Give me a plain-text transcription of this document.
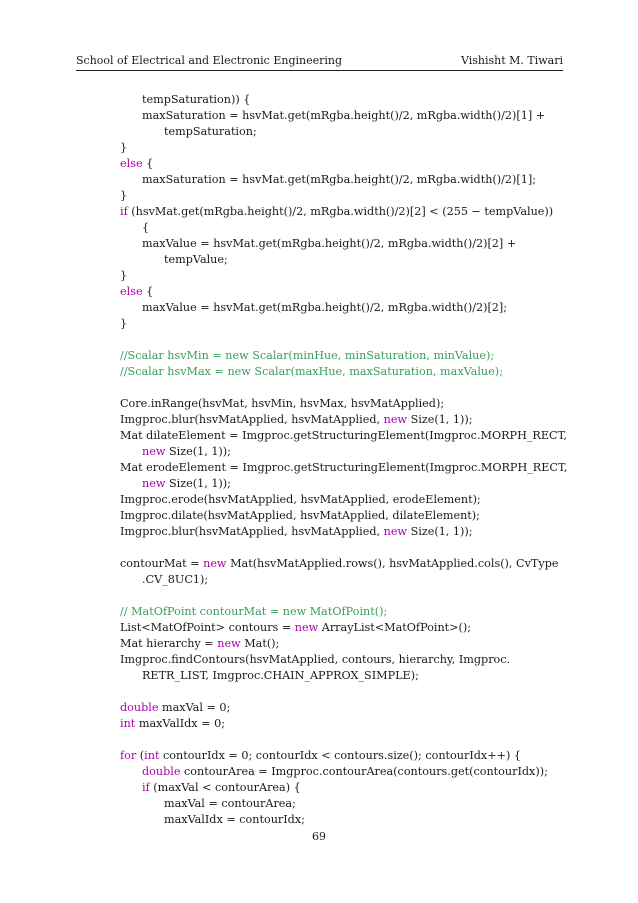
School of Electrical and Electronic Engineering	Vishisht M. Tiwari
tempSaturation)) {
maxSaturation = hsvMat.get(mRgba.height()/2, mRgba.width()/2)[1] +
tempSaturation;
}
else {
maxSaturation = hsvMat.get(mRgba.height()/2, mRgba.width()/2)[1];
}
if (hsvMat.get(mRgba.height()/2, mRgba.width()/2)[2] < (255 − tempValue))
{
maxValue = hsvMat.get(mRgba.height()/2, mRgba.width()/2)[2] +
tempValue;
}
else {
maxValue = hsvMat.get(mRgba.height()/2, mRgba.width()/2)[2];
}
//Scalar hsvMin = new Scalar(minHue, minSaturation, minValue);
//Scalar hsvMax = new Scalar(maxHue, maxSaturation, maxValue);
Core.inRange(hsvMat, hsvMin, hsvMax, hsvMatApplied);
Imgproc.blur(hsvMatApplied, hsvMatApplied, new Size(1, 1));
Mat dilateElement = Imgproc.getStructuringElement(Imgproc.MORPH_RECT,
new Size(1, 1));
Mat erodeElement = Imgproc.getStructuringElement(Imgproc.MORPH_RECT,
new Size(1, 1));
Imgproc.erode(hsvMatApplied, hsvMatApplied, erodeElement);
Imgproc.dilate(hsvMatApplied, hsvMatApplied, dilateElement);
Imgproc.blur(hsvMatApplied, hsvMatApplied, new Size(1, 1));
contourMat = new Mat(hsvMatApplied.rows(), hsvMatApplied.cols(), CvType
.CV_8UC1);
// MatOfPoint contourMat = new MatOfPoint();
List<MatOfPoint> contours = new ArrayList<MatOfPoint>();
Mat hierarchy = new Mat();
Imgproc.findContours(hsvMatApplied, contours, hierarchy, Imgproc.
RETR_LIST, Imgproc.CHAIN_APPROX_SIMPLE);
double maxVal = 0;
int maxValIdx = 0;
for (int contourIdx = 0; contourIdx < contours.size(); contourIdx++) {
double contourArea = Imgproc.contourArea(contours.get(contourIdx));
if (maxVal < contourArea) {
maxVal = contourArea;
maxValIdx = contourIdx;
69
